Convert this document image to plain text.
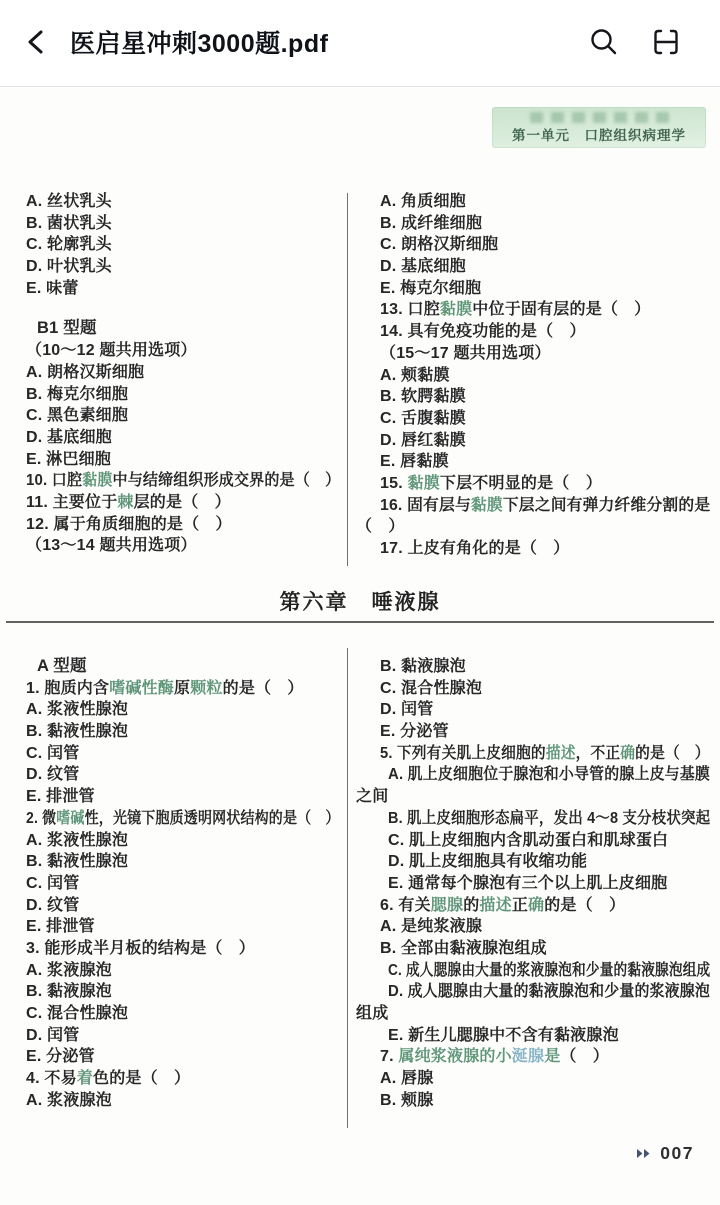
医启星冲刺3000题.pdf
第一单元　口腔组织病理学
A. 丝状乳头
B. 菌状乳头
C. 轮廓乳头
D. 叶状乳头
E. 味蕾
B1 型题
（10～12 题共用选项）
A. 朗格汉斯细胞
B. 梅克尔细胞
C. 黑色素细胞
D. 基底细胞
E. 淋巴细胞
10. 口腔黏膜中与结缔组织形成交界的是（　）
11. 主要位于棘层的是（　）
12. 属于角质细胞的是（　）
（13～14 题共用选项）
A. 角质细胞
B. 成纤维细胞
C. 朗格汉斯细胞
D. 基底细胞
E. 梅克尔细胞
13. 口腔黏膜中位于固有层的是（　）
14. 具有免疫功能的是（　）
（15～17 题共用选项）
A. 颊黏膜
B. 软腭黏膜
C. 舌腹黏膜
D. 唇红黏膜
E. 唇黏膜
15. 黏膜下层不明显的是（　）
16. 固有层与黏膜下层之间有弹力纤维分割的是
（　）
17. 上皮有角化的是（　）
第六章　唾液腺
A 型题
1. 胞质内含嗜碱性酶原颗粒的是（　）
A. 浆液性腺泡
B. 黏液性腺泡
C. 闰管
D. 纹管
E. 排泄管
2. 微嗜碱性，光镜下胞质透明网状结构的是（　）
A. 浆液性腺泡
B. 黏液性腺泡
C. 闰管
D. 纹管
E. 排泄管
3. 能形成半月板的结构是（　）
A. 浆液腺泡
B. 黏液腺泡
C. 混合性腺泡
D. 闰管
E. 分泌管
4. 不易着色的是（　）
A. 浆液腺泡
B. 黏液腺泡
C. 混合性腺泡
D. 闰管
E. 分泌管
5. 下列有关肌上皮细胞的描述，不正确的是（　）
A. 肌上皮细胞位于腺泡和小导管的腺上皮与基膜
之间
B. 肌上皮细胞形态扁平，发出 4～8 支分枝状突起
C. 肌上皮细胞内含肌动蛋白和肌球蛋白
D. 肌上皮细胞具有收缩功能
E. 通常每个腺泡有三个以上肌上皮细胞
6. 有关腮腺的描述正确的是（　）
A. 是纯浆液腺
B. 全部由黏液腺泡组成
C. 成人腮腺由大量的浆液腺泡和少量的黏液腺泡组成
D. 成人腮腺由大量的黏液腺泡和少量的浆液腺泡
组成
E. 新生儿腮腺中不含有黏液腺泡
7. 属纯浆液腺的小涎腺是（　）
A. 唇腺
B. 颊腺
007
